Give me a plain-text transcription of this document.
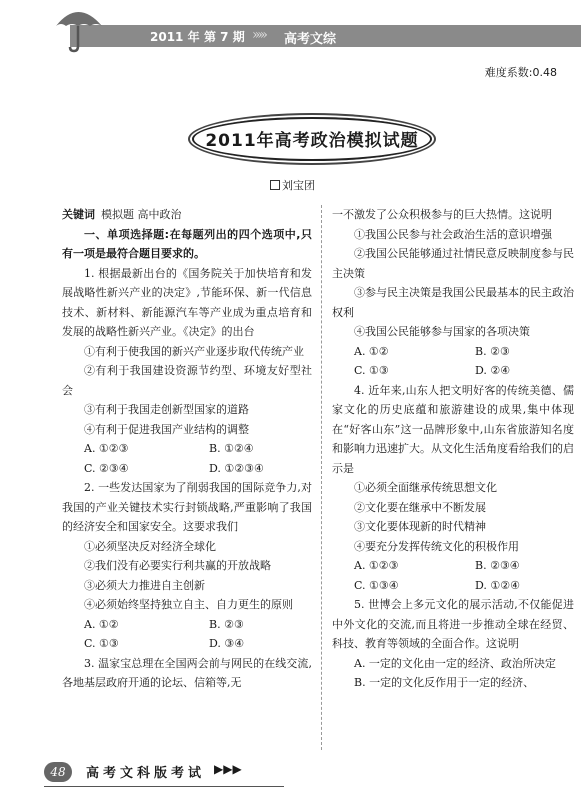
2011 年 第 7 期 ››››› 高考文综
难度系数:0.48
2011年高考政治模拟试题
刘宝团

关键词 模拟题 高中政治

一、单项选择题:在每题列出的四个选项中,只有一项是最符合题目要求的。

1. 根据最新出台的《国务院关于加快培育和发展战略性新兴产业的决定》,节能环保、新一代信息技术、新材料、新能源汽车等产业成为重点培育和发展的战略性新兴产业。《决定》的出台

①有利于使我国的新兴产业逐步取代传统产业

②有利于我国建设资源节约型、环境友好型社会

③有利于我国走创新型国家的道路

④有利于促进我国产业结构的调整

A. ①②③	B. ①②④
C. ②③④	D. ①②③④

2. 一些发达国家为了削弱我国的国际竞争力,对我国的产业关键技术实行封锁战略,严重影响了我国的经济安全和国家安全。这要求我们

①必须坚决反对经济全球化

②我们没有必要实行利共赢的开放战略

③必须大力推进自主创新

④必须始终坚持独立自主、自力更生的原则

A. ①②	B. ②③
C. ①③	D. ③④

3. 温家宝总理在全国两会前与网民的在线交流,各地基层政府开通的论坛、信箱等,无

一不激发了公众积极参与的巨大热情。这说明

①我国公民参与社会政治生活的意识增强

②我国公民能够通过社情民意反映制度参与民主决策

③参与民主决策是我国公民最基本的民主政治权利

④我国公民能够参与国家的各项决策

A. ①②	B. ②③
C. ①③	D. ②④

4. 近年来,山东人把文明好客的传统美德、儒家文化的历史底蕴和旅游建设的成果,集中体现在“好客山东”这一品牌形象中,山东省旅游知名度和影响力迅速扩大。从文化生活角度看给我们的启示是

①必须全面继承传统思想文化

②文化要在继承中不断发展

③文化要体现新的时代精神

④要充分发挥传统文化的积极作用

A. ①②③	B. ②③④
C. ①③④	D. ①②④

5. 世博会上多元文化的展示活动,不仅能促进中外文化的交流,而且将进一步推动全球在经贸、科技、教育等领域的全面合作。这说明

A. 一定的文化由一定的经济、政治所决定

B. 一定的文化反作用于一定的经济、

48	高考文科版考试 ▶▶▶
